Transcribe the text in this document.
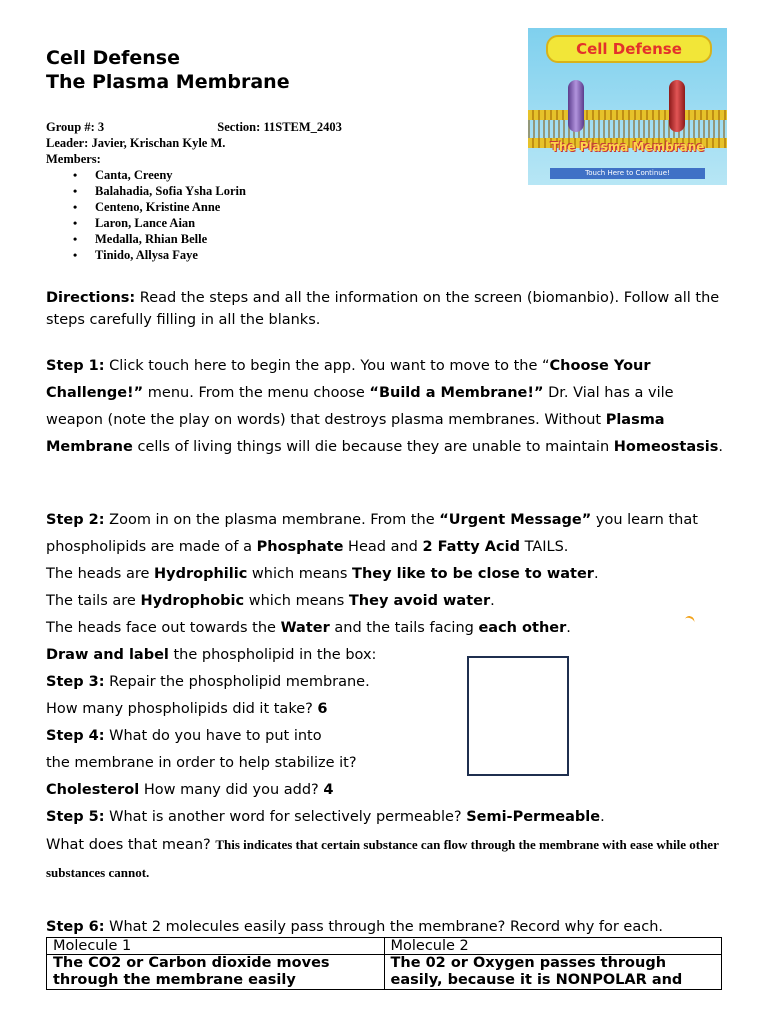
Cell Defense
The Plasma Membrane
Group #: 3	Section: 11STEM_2403
Leader: Javier, Krischan Kyle M.
Members:
• Canta, Creeny
• Balahadia, Sofia Ysha Lorin
• Centeno, Kristine Anne
• Laron, Lance Aian
• Medalla, Rhian Belle
• Tinido, Allysa Faye
Cell Defense
The Plasma Membrane
Touch Here to Continue!
Directions: Read the steps and all the information on the screen (biomanbio). Follow all the steps carefully filling in all the blanks.
Step 1: Click touch here to begin the app. You want to move to the “Choose Your Challenge!” menu. From the menu choose “Build a Membrane!” Dr. Vial has a vile weapon (note the play on words) that destroys plasma membranes. Without Plasma Membrane cells of living things will die because they are unable to maintain Homeostasis.
Step 2: Zoom in on the plasma membrane. From the “Urgent Message” you learn that phospholipids are made of a Phosphate Head and 2 Fatty Acid TAILS.
The heads are Hydrophilic which means They like to be close to water.
The tails are Hydrophobic which means They avoid water.
The heads face out towards the Water and the tails facing each other.
Draw and label the phospholipid in the box:
Step 3: Repair the phospholipid membrane.
How many phospholipids did it take? 6
Step 4: What do you have to put into
the membrane in order to help stabilize it?
Cholesterol How many did you add? 4
Step 5: What is another word for selectively permeable? Semi-Permeable.
What does that mean? This indicates that certain substance can flow through the membrane with ease while other substances cannot.
Step 6: What 2 molecules easily pass through the membrane? Record why for each.
Molecule 1	Molecule 2
The CO2 or Carbon dioxide moves through the membrane easily	The 02 or Oxygen passes through easily, because it is NONPOLAR and
